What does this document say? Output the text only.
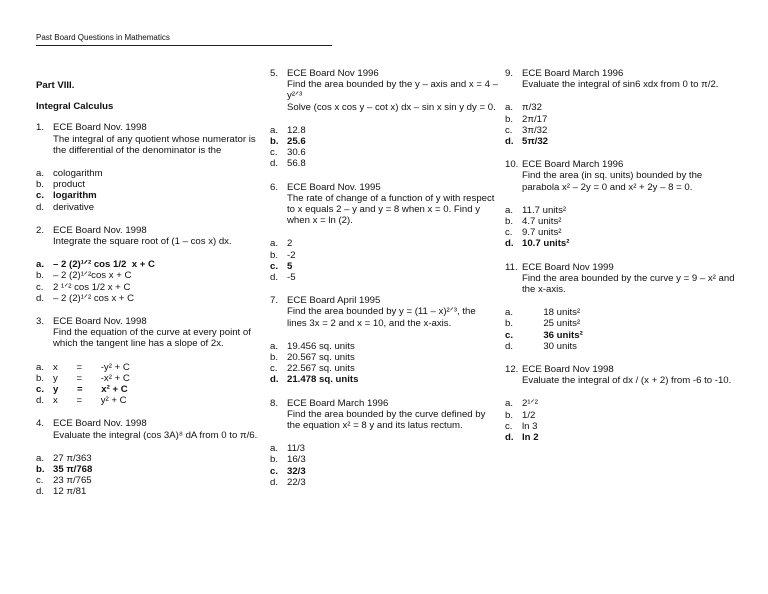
Past Board Questions in Mathematics
Part VIII.
Integral Calculus
1. ECE Board Nov. 1998
The integral of any quotient whose numerator is the differential of the denominator is the
a. cologarithm
b. product
c. logarithm
d. derivative
2. ECE Board Nov. 1998
Integrate the square root of (1 – cos x) dx.
a. – 2 (2)¹ᐟ² cos 1/2  x + C
b. – 2 (2)¹ᐟ²cos x + C
c. 2 ¹ᐟ² cos 1/2 x + C
d. – 2 (2)¹ᐟ² cos x + C
3. ECE Board Nov. 1998
Find the equation of the curve at every point of which the tangent line has a slope of 2x.
a. x       =       -y² + C
b. y       =       -x² + C
c. y       =       x² + C
d. x       =       y² + C
4. ECE Board Nov. 1998
Evaluate the integral (cos 3A)⁸ dA from 0 to π/6.
a. 27 π/363
b. 35 π/768
c. 23 π/765
d. 12 π/81
5. ECE Board Nov 1996
Find the area bounded by the y – axis and x = 4 – y²ᐟ³
Solve (cos x cos y – cot x) dx – sin x sin y dy = 0.
a. 12.8
b. 25.6
c. 30.6
d. 56.8
6. ECE Board Nov. 1995
The rate of change of a function of y with respect to x equals 2 – y and y = 8 when x = 0. Find y when x = ln (2).
a. 2
b. -2
c. 5
d. -5
7. ECE Board April 1995
Find the area bounded by y = (11 – x)²ᐟ³, the lines 3x = 2 and x = 10, and the x-axis.
a. 19.456 sq. units
b. 20.567 sq. units
c. 22.567 sq. units
d. 21.478 sq. units
8. ECE Board March 1996
Find the area bounded by the curve defined by the equation x² = 8 y and its latus rectum.
a. 11/3
b. 16/3
c. 32/3
d. 22/3
9. ECE Board March 1996
Evaluate the integral of sin6 xdx from 0 to π/2.
a. π/32
b. 2π/17
c. 3π/32
d. 5π/32
10. ECE Board March 1996
Find the area (in sq. units) bounded by the parabola x² – 2y = 0 and x² + 2y – 8 = 0.
a. 11.7 units²
b. 4.7 units²
c. 9.7 units²
d. 10.7 units²
11. ECE Board Nov 1999
Find the area bounded by the curve y = 9 – x² and the x-axis.
a. 18 units²
b. 25 units²
c. 36 units²
d. 30 units
12. ECE Board Nov 1998
Evaluate the integral of dx / (x + 2) from -6 to -10.
a. 2¹ᐟ²
b. 1/2
c. ln 3
d. ln 2
